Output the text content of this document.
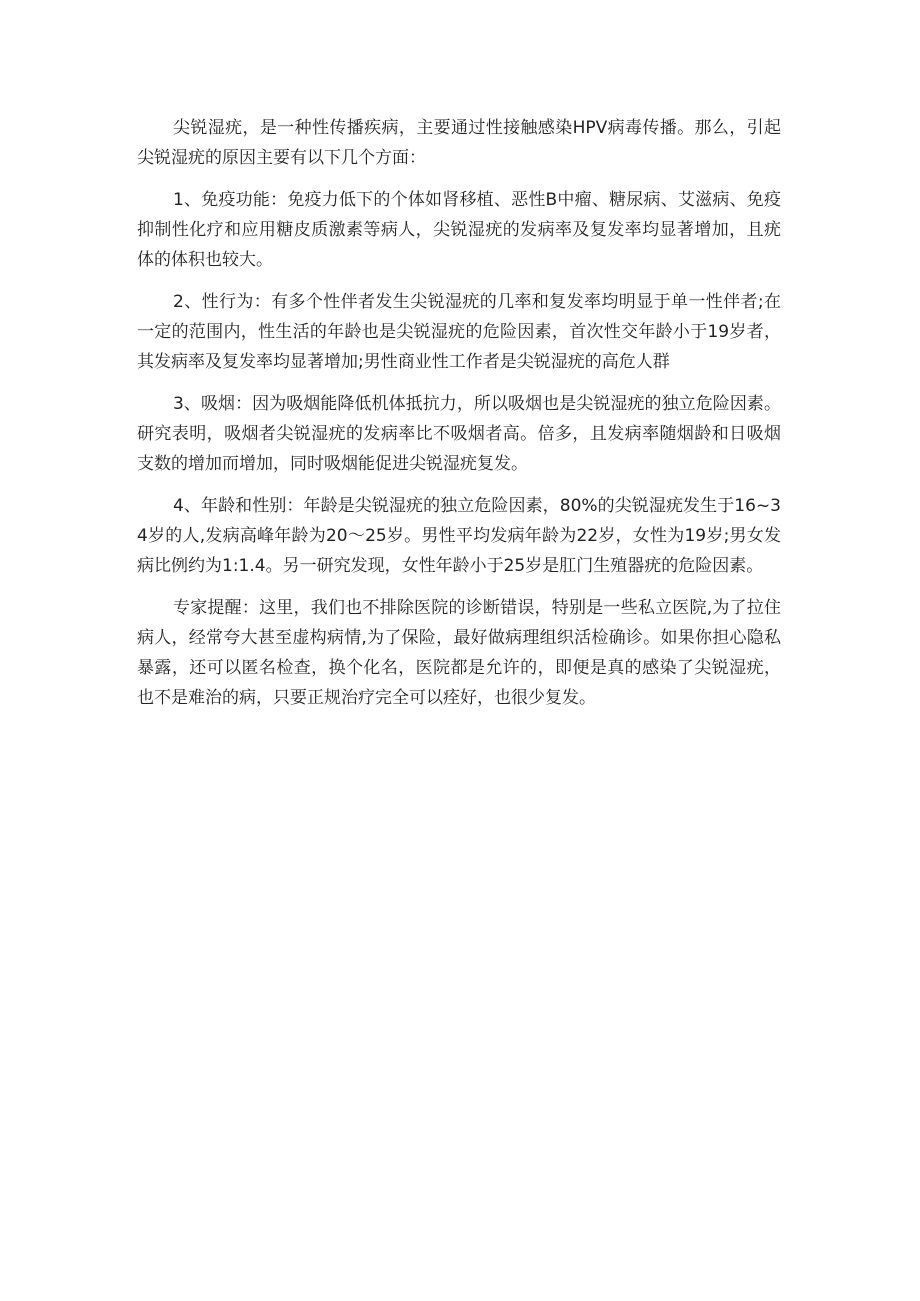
尖锐湿疣，是一种性传播疾病，主要通过性接触感染HPV病毒传播。那么，引起尖锐湿疣的原因主要有以下几个方面：

1、免疫功能：免疫力低下的个体如肾移植、恶性B中瘤、糖尿病、艾滋病、免疫抑制性化疗和应用糖皮质激素等病人，尖锐湿疣的发病率及复发率均显著增加，且疣体的体积也较大。

2、性行为：有多个性伴者发生尖锐湿疣的几率和复发率均明显于单一性伴者;在一定的范围内，性生活的年龄也是尖锐湿疣的危险因素，首次性交年龄小于19岁者，其发病率及复发率均显著增加;男性商业性工作者是尖锐湿疣的高危人群

3、吸烟：因为吸烟能降低机体抵抗力，所以吸烟也是尖锐湿疣的独立危险因素。研究表明，吸烟者尖锐湿疣的发病率比不吸烟者高。倍多，且发病率随烟龄和日吸烟支数的增加而增加，同时吸烟能促进尖锐湿疣复发。

4、年龄和性别：年龄是尖锐湿疣的独立危险因素，80%的尖锐湿疣发生于16~34岁的人,发病高峰年龄为20～25岁。男性平均发病年龄为22岁，女性为19岁;男女发病比例约为1:1.4。另一研究发现，女性年龄小于25岁是肛门生殖器疣的危险因素。

专家提醒：这里，我们也不排除医院的诊断错误，特别是一些私立医院,为了拉住病人，经常夸大甚至虚构病情,为了保险，最好做病理组织活检确诊。如果你担心隐私暴露，还可以匿名检查，换个化名，医院都是允许的，即便是真的感染了尖锐湿疣，也不是难治的病，只要正规治疗完全可以痊好，也很少复发。
